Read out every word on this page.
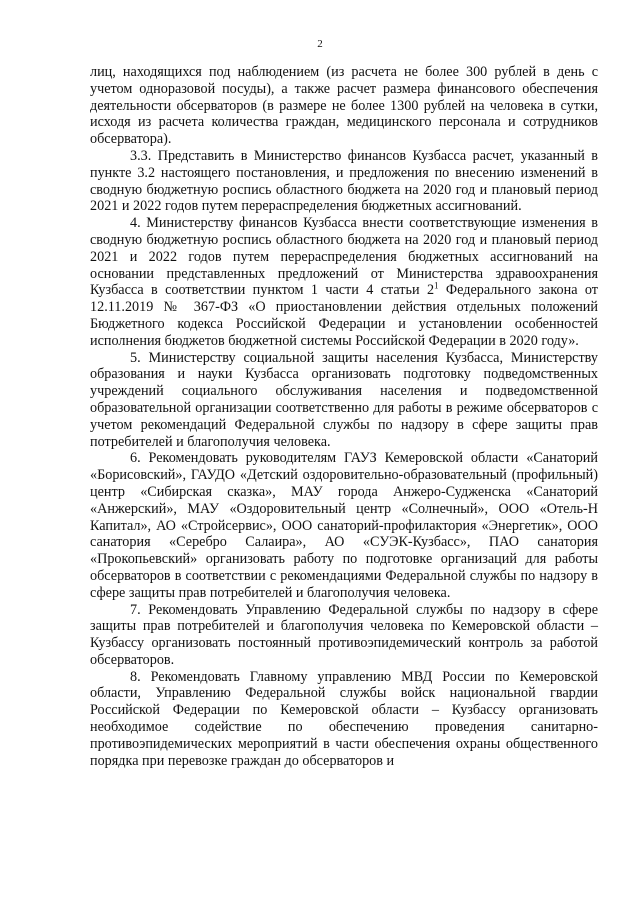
2

лиц, находящихся под наблюдением (из расчета не более 300 рублей в день с учетом одноразовой посуды), а также расчет размера финансового обеспечения деятельности обсерваторов (в размере не более 1300 рублей на человека в сутки, исходя из расчета количества граждан, медицинского персонала и сотрудников обсерватора).

3.3. Представить в Министерство финансов Кузбасса расчет, указанный в пункте 3.2 настоящего постановления, и предложения по внесению изменений в сводную бюджетную роспись областного бюджета на 2020 год и плановый период 2021 и 2022 годов путем перераспределения бюджетных ассигнований.

4. Министерству финансов Кузбасса внести соответствующие изменения в сводную бюджетную роспись областного бюджета на 2020 год и плановый период 2021 и 2022 годов путем перераспределения бюджетных ассигнований на основании представленных предложений от Министерства здравоохранения Кузбасса в соответствии пунктом 1 части 4 статьи $2^1$ Федерального закона от 12.11.2019 № 367-ФЗ «О приостановлении действия отдельных положений Бюджетного кодекса Российской Федерации и установлении особенностей исполнения бюджетов бюджетной системы Российской Федерации в 2020 году».

5. Министерству социальной защиты населения Кузбасса, Министерству образования и науки Кузбасса организовать подготовку подведомственных учреждений социального обслуживания населения и подведомственной образовательной организации соответственно для работы в режиме обсерваторов с учетом рекомендаций Федеральной службы по надзору в сфере защиты прав потребителей и благополучия человека.

6. Рекомендовать руководителям ГАУЗ Кемеровской области «Санаторий «Борисовский», ГАУДО «Детский оздоровительно-образовательный (профильный) центр «Сибирская сказка», МАУ города Анжеро-Судженска «Санаторий «Анжерский», МАУ «Оздоровительный центр «Солнечный», ООО «Отель-Н Капитал», АО «Стройсервис», ООО санаторий-профилактория «Энергетик», ООО санатория «Серебро Салаира», АО «СУЭК-Кузбасс», ПАО санатория «Прокопьевский» организовать работу по подготовке организаций для работы обсерваторов в соответствии с рекомендациями Федеральной службы по надзору в сфере защиты прав потребителей и благополучия человека.

7. Рекомендовать Управлению Федеральной службы по надзору в сфере защиты прав потребителей и благополучия человека по Кемеровской области – Кузбассу организовать постоянный противоэпидемический контроль за работой обсерваторов.

8. Рекомендовать Главному управлению МВД России по Кемеровской области, Управлению Федеральной службы войск национальной гвардии Российской Федерации по Кемеровской области – Кузбассу организовать необходимое содействие по обеспечению проведения санитарно-противоэпидемических мероприятий в части обеспечения охраны общественного порядка при перевозке граждан до обсерваторов и
